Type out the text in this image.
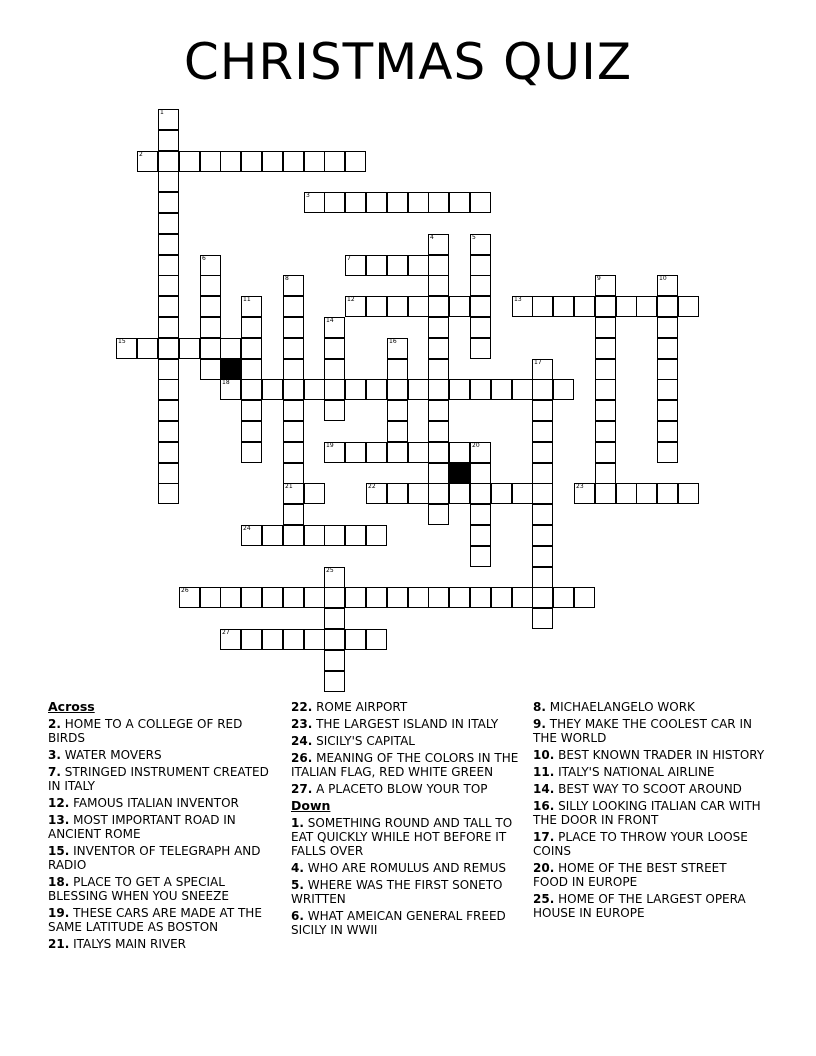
CHRISTMAS QUIZ
1
2
3
4	5
6	7
8	9	10
11	12	13
14
15	16
17
18
19	20
21	22	23
24
25
26
27
Across
2. HOME TO A COLLEGE OF RED BIRDS
3. WATER MOVERS
7. STRINGED INSTRUMENT CREATED IN ITALY
12. FAMOUS ITALIAN INVENTOR
13. MOST IMPORTANT ROAD IN ANCIENT ROME
15. INVENTOR OF TELEGRAPH AND RADIO
18. PLACE TO GET A SPECIAL BLESSING WHEN YOU SNEEZE
19. THESE CARS ARE MADE AT THE SAME LATITUDE AS BOSTON
21. ITALYS MAIN RIVER
22. ROME AIRPORT
23. THE LARGEST ISLAND IN ITALY
24. SICILY'S CAPITAL
26. MEANING OF THE COLORS IN THE ITALIAN FLAG, RED WHITE GREEN
27. A PLACETO BLOW YOUR TOP
Down
1. SOMETHING ROUND AND TALL TO EAT QUICKLY WHILE HOT BEFORE IT FALLS OVER
4. WHO ARE ROMULUS AND REMUS
5. WHERE WAS THE FIRST SONETO WRITTEN
6. WHAT AMEICAN GENERAL FREED SICILY IN WWII
8. MICHAELANGELO WORK
9. THEY MAKE THE COOLEST CAR IN THE WORLD
10. BEST KNOWN TRADER IN HISTORY
11. ITALY'S NATIONAL AIRLINE
14. BEST WAY TO SCOOT AROUND
16. SILLY LOOKING ITALIAN CAR WITH THE DOOR IN FRONT
17. PLACE TO THROW YOUR LOOSE COINS
20. HOME OF THE BEST STREET FOOD IN EUROPE
25. HOME OF THE LARGEST OPERA HOUSE IN EUROPE
